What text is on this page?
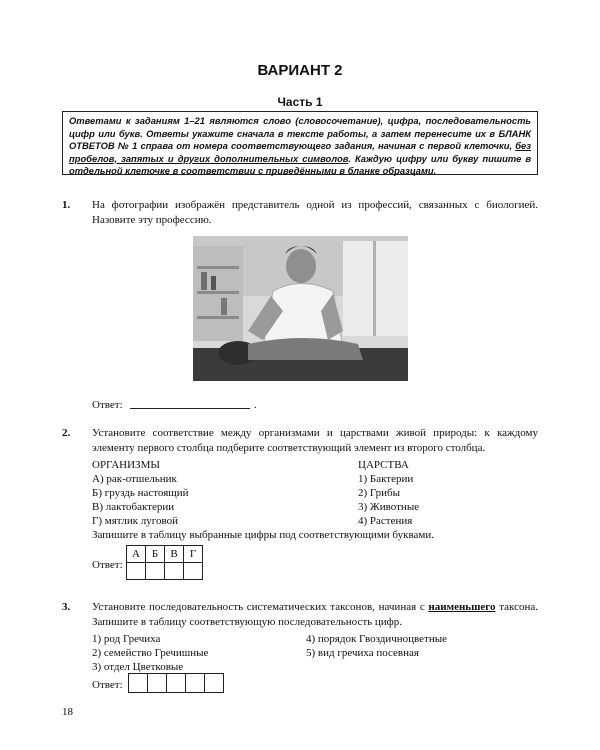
ВАРИАНТ 2
Часть 1
Ответами к заданиям 1–21 являются слово (словосочетание), цифра, последовательность цифр или букв. Ответы укажите сначала в тексте работы, а затем перенесите их в БЛАНК ОТВЕТОВ № 1 справа от номера соответствующего задания, начиная с первой клеточки, без пробелов, запятых и других дополнительных символов. Каждую цифру или букву пишите в отдельной клеточке в соответствии с приведёнными в бланке образцами.
1. На фотографии изображён представитель одной из профессий, связанных с биологией. Назовите эту профессию.
Ответ:	.
2. Установите соответствие между организмами и царствами живой природы: к каждому элементу первого столбца подберите соответствующий элемент из второго столбца.
ОРГАНИЗМЫ
А) рак-отшельник
Б) груздь настоящий
В) лактобактерии
Г) мятлик луговой
ЦАРСТВА
1) Бактерии
2) Грибы
3) Животные
4) Растения
Запишите в таблицу выбранные цифры под соответствующими буквами.
Ответ:
А	Б	В	Г

3. Установите последовательность систематических таксонов, начиная с наименьшего таксона. Запишите в таблицу соответствующую последовательность цифр.
1) род Гречиха
2) семейство Гречишные
3) отдел Цветковые
4) порядок Гвоздичноцветные
5) вид гречиха посевная
Ответ:
18
